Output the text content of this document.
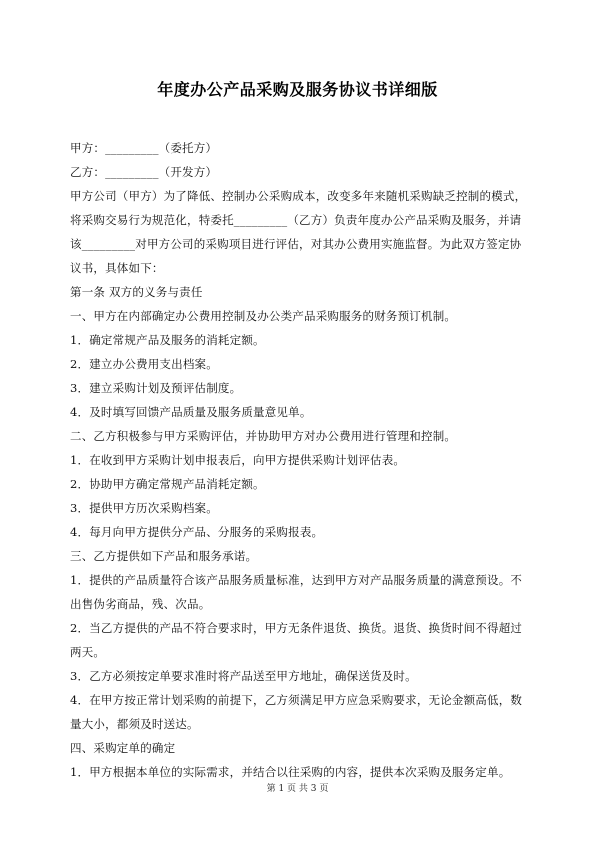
年度办公产品采购及服务协议书详细版

甲方：_________（委托方）

乙方：_________（开发方）

甲方公司（甲方）为了降低、控制办公采购成本，改变多年来随机采购缺乏控制的模式，将采购交易行为规范化，特委托_________（乙方）负责年度办公产品采购及服务，并请该_________对甲方公司的采购项目进行评估，对其办公费用实施监督。为此双方签定协议书，具体如下：

第一条 双方的义务与责任

一、甲方在内部确定办公费用控制及办公类产品采购服务的财务预订机制。

1．确定常规产品及服务的消耗定额。

2．建立办公费用支出档案。

3．建立采购计划及预评估制度。

4．及时填写回馈产品质量及服务质量意见单。

二、乙方积极参与甲方采购评估，并协助甲方对办公费用进行管理和控制。

1．在收到甲方采购计划申报表后，向甲方提供采购计划评估表。

2．协助甲方确定常规产品消耗定额。

3．提供甲方历次采购档案。

4．每月向甲方提供分产品、分服务的采购报表。

三、乙方提供如下产品和服务承诺。

1．提供的产品质量符合该产品服务质量标准，达到甲方对产品服务质量的满意预设。不出售伪劣商品，残、次品。

2．当乙方提供的产品不符合要求时，甲方无条件退货、换货。退货、换货时间不得超过两天。

3．乙方必须按定单要求准时将产品送至甲方地址，确保送货及时。

4．在甲方按正常计划采购的前提下，乙方须满足甲方应急采购要求，无论金额高低，数量大小，都须及时送达。

四、采购定单的确定

1．甲方根据本单位的实际需求，并结合以往采购的内容，提供本次采购及服务定单。

第 1 页 共 3 页
